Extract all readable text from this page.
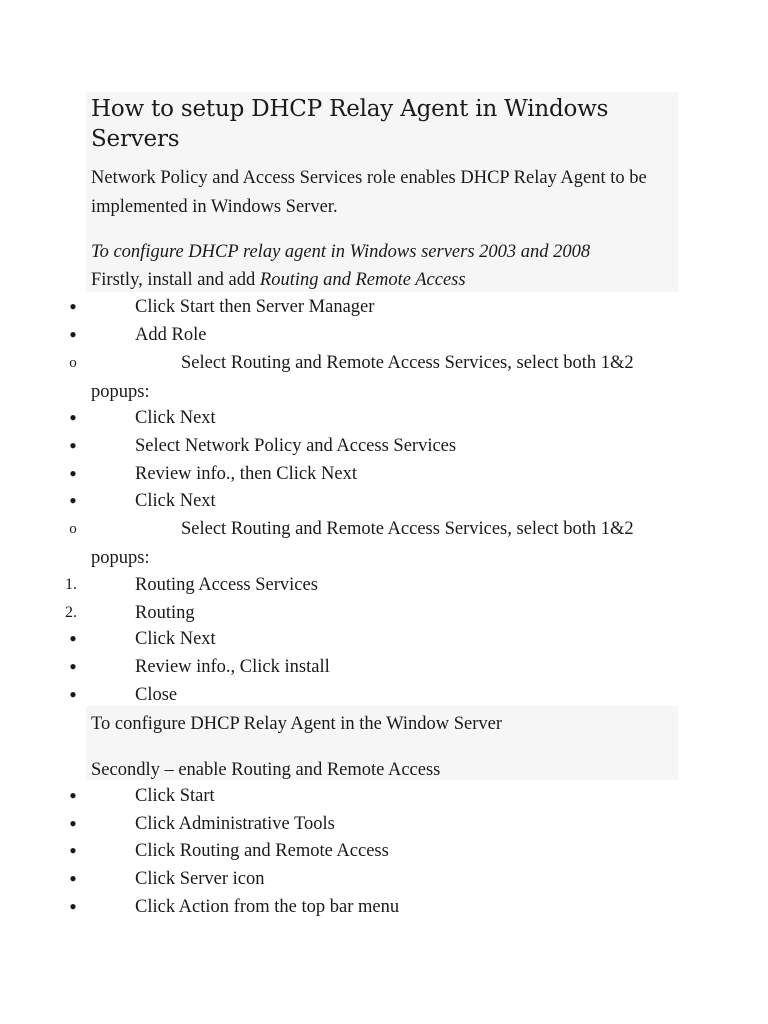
How to setup DHCP Relay Agent in Windows Servers
Network Policy and Access Services role enables DHCP Relay Agent to be
implemented in Windows Server.
To configure DHCP relay agent in Windows servers 2003 and 2008
Firstly, install and add Routing and Remote Access
•	Click Start then Server Manager
•	Add Role
o	Select Routing and Remote Access Services, select both 1&2
popups:
•	Click Next
•	Select Network Policy and Access Services
•	Review info., then Click Next
•	Click Next
o	Select Routing and Remote Access Services, select both 1&2
popups:
1.	Routing Access Services
2.	Routing
•	Click Next
•	Review info., Click install
•	Close
To configure DHCP Relay Agent in the Window Server
Secondly – enable Routing and Remote Access
•	Click Start
•	Click Administrative Tools
•	Click Routing and Remote Access
•	Click Server icon
•	Click Action from the top bar menu
